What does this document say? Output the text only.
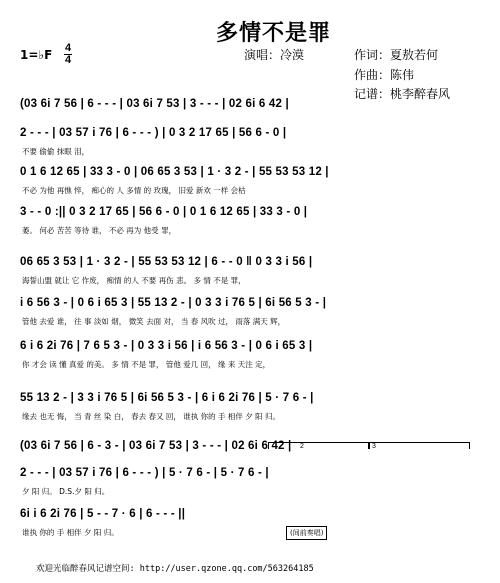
多情不是罪
1=♭F 4
4	演唱：冷漠	作词：夏敖若何
作曲：陈伟
记谱：桃李醉春风
(03 6i 7 56 | 6 - - - | 03 6i 7 53 | 3 - - - | 02 6i 6 42 |
2 - - - | 03 57 i 76 | 6 - - - ) | 0 3 2 17 65 | 56 6 - 0 |
不要 偷偷 抹眼 泪，
0 1 6 12 65 | 33 3 - 0 | 06 65 3 53 | 1 · 3 2 - | 55 53 53 12 |
不必 为他 再憔 悴， 痴心的 人 多情 的 玫瑰， 旧爱 新欢 一样 会枯
3 - - 0 :|| 0 3 2 17 65 | 56 6 - 0 | 0 1 6 12 65 | 33 3 - 0 |
萎。 何必 苦苦 等待 谁， 不必 再为 他受 罪，
06 65 3 53 | 1 · 3 2 - | 55 53 53 12 | 6 - - 0 ‖ 0 3 3 i 56 |
海誓山盟 就让 它 作废， 痴情 的人 不要 再伤 悲。 多 情 不是 罪，
i 6 56 3 - | 0 6 i 65 3 | 55 13 2 - | 0 3 3 i 76 5 | 6i 56 5 3 - |
管他 去爱 谁， 往 事 淡如 烟， 微笑 去面 对， 当 春 风吹 过， 雨落 满天 辉，
6 i 6 2i 76 | 7 6 5 3 - | 0 3 3 i 56 | i 6 56 3 - | 0 6 i 65 3 |
你 才会 读 懂 真爱 的美。 多 情 不是 罪， 管他 爱几 回， 缘 来 天注 定，
55 13 2 - | 3 3 i 76 5 | 6i 56 5 3 - | 6 i 6 2i 76 | 5 · 7 6 - |
缘去 也无 悔， 当 青 丝 染 白， 春去 春又 回， 谁执 你的 手 相伴 夕 阳 归。
(03 6i 7 56 | 6 - 3 - | 03 6i 7 53 | 3 - - - | 02 6i 6 42 |
2 - - - | 03 57 i 76 | 6 - - - ) | 5 · 7 6 - | 5 · 7 6 - |
夕 阳 归。 D.S.夕 阳 归。
6i i 6 2i 76 | 5 - - 7 · 6 | 6 - - - ||
谁执 你的 手 相伴 夕 阳 归。
2	3
(间前奏唱)
欢迎光临醉春风记谱空间: http://user.qzone.qq.com/563264185
